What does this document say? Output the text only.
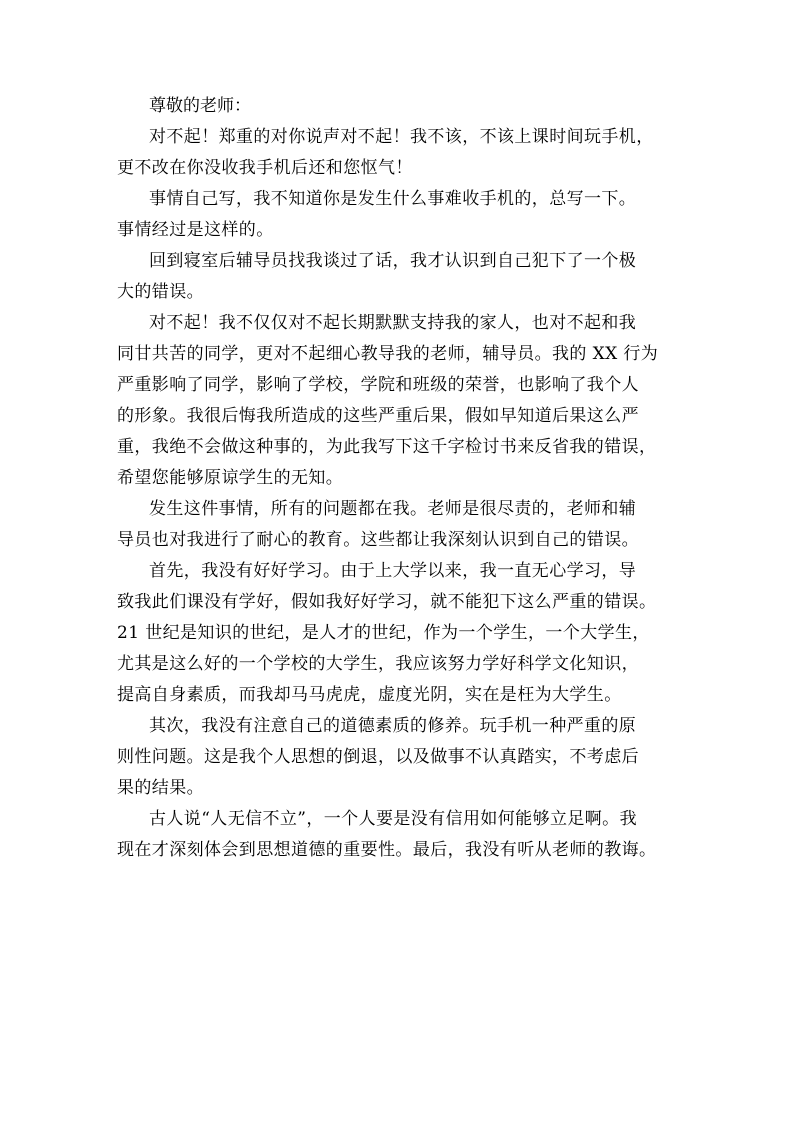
尊敬的老师：

对不起！郑重的对你说声对不起！我不该，不该上课时间玩手机，
更不改在你没收我手机后还和您怄气！

事情自己写，我不知道你是发生什么事难收手机的，总写一下。
事情经过是这样的。

回到寝室后辅导员找我谈过了话，我才认识到自己犯下了一个极
大的错误。

对不起！我不仅仅对不起长期默默支持我的家人，也对不起和我
同甘共苦的同学，更对不起细心教导我的老师，辅导员。我的 XX 行为
严重影响了同学，影响了学校，学院和班级的荣誉，也影响了我个人
的形象。我很后悔我所造成的这些严重后果，假如早知道后果这么严
重，我绝不会做这种事的，为此我写下这千字检讨书来反省我的错误，
希望您能够原谅学生的无知。

发生这件事情，所有的问题都在我。老师是很尽责的，老师和辅
导员也对我进行了耐心的教育。这些都让我深刻认识到自己的错误。

首先，我没有好好学习。由于上大学以来，我一直无心学习，导
致我此们课没有学好，假如我好好学习，就不能犯下这么严重的错误。
21 世纪是知识的世纪，是人才的世纪，作为一个学生，一个大学生，
尤其是这么好的一个学校的大学生，我应该努力学好科学文化知识，
提高自身素质，而我却马马虎虎，虚度光阴，实在是枉为大学生。

其次，我没有注意自己的道德素质的修养。玩手机一种严重的原
则性问题。这是我个人思想的倒退，以及做事不认真踏实，不考虑后
果的结果。

古人说“人无信不立”，一个人要是没有信用如何能够立足啊。我
现在才深刻体会到思想道德的重要性。最后，我没有听从老师的教诲。
